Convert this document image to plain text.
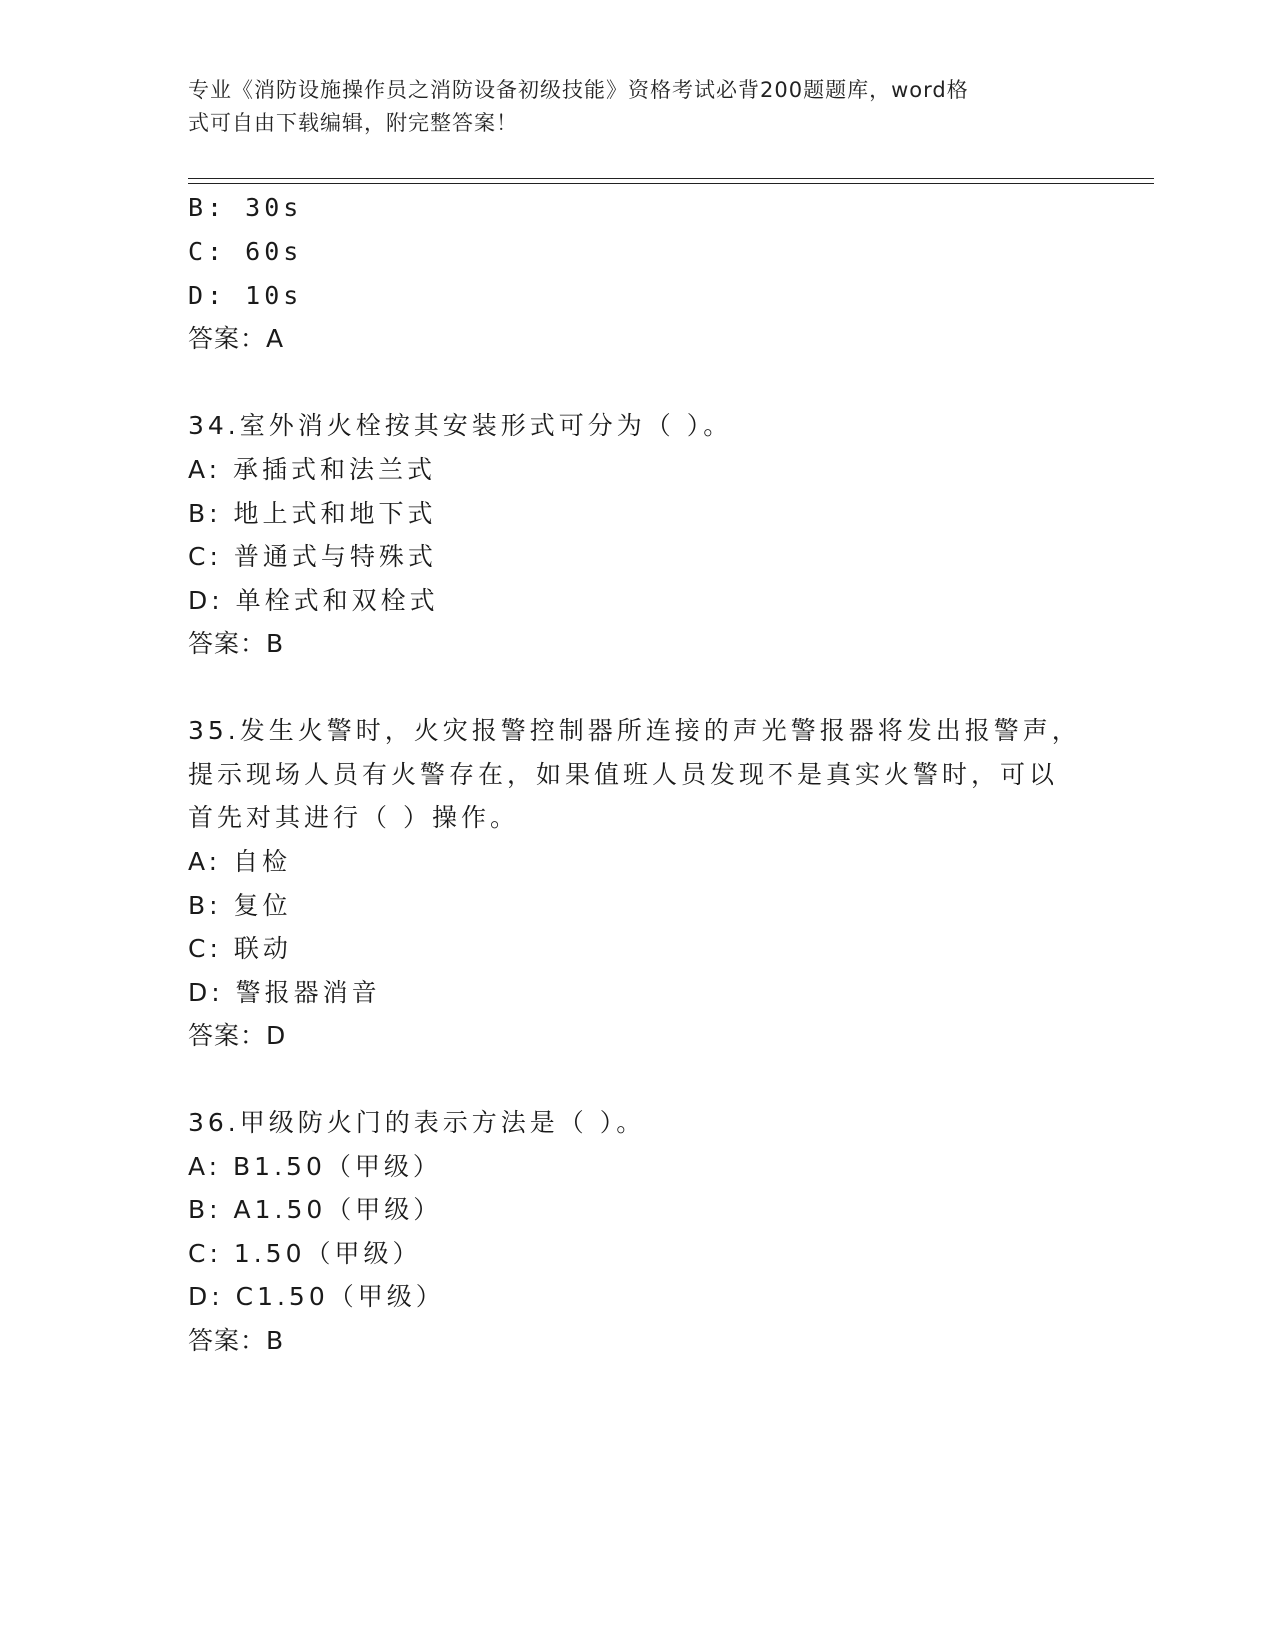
专业《消防设施操作员之消防设备初级技能》资格考试必背200题题库，word格
式可自由下载编辑，附完整答案！
B: 30s
C: 60s
D: 10s
答案：A
34.室外消火栓按其安装形式可分为（ ）。
A: 承插式和法兰式
B: 地上式和地下式
C: 普通式与特殊式
D: 单栓式和双栓式
答案：B
35.发生火警时，火灾报警控制器所连接的声光警报器将发出报警声，
提示现场人员有火警存在，如果值班人员发现不是真实火警时，可以
首先对其进行（ ）操作。
A: 自检
B: 复位
C: 联动
D: 警报器消音
答案：D
36.甲级防火门的表示方法是（ ）。
A: B1.50（甲级）
B: A1.50（甲级）
C: 1.50（甲级）
D: C1.50（甲级）
答案：B
